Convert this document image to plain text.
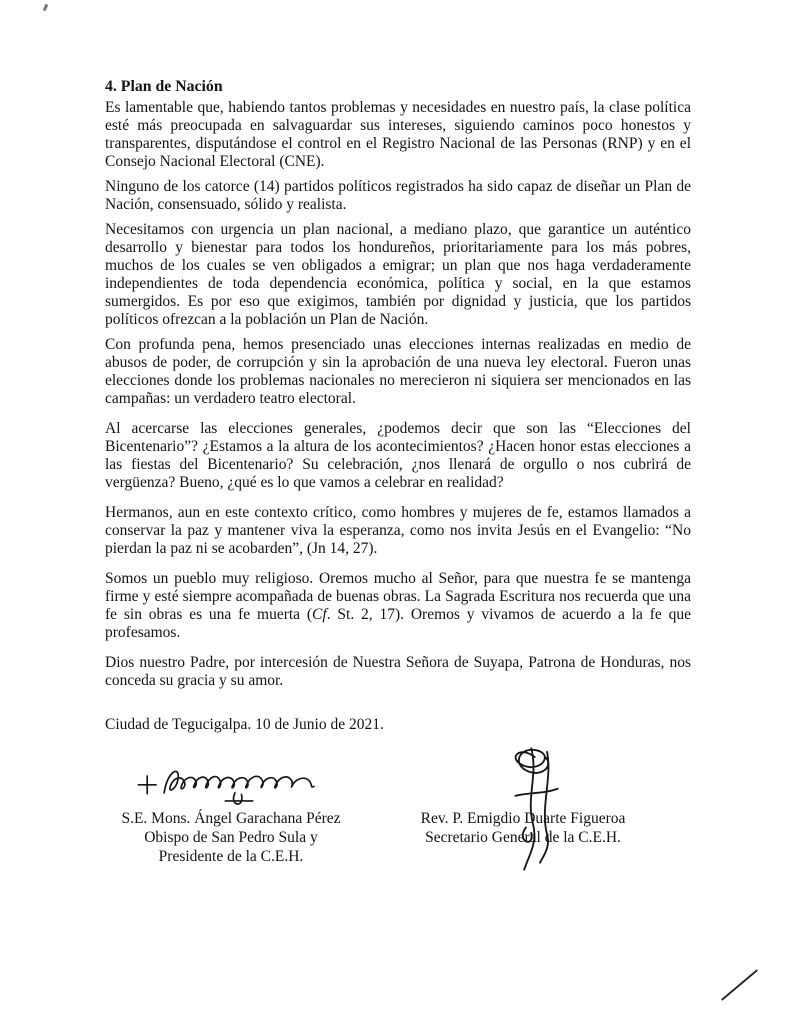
4. Plan de Nación

Es lamentable que, habiendo tantos problemas y necesidades en nuestro país, la clase política esté más preocupada en salvaguardar sus intereses, siguiendo caminos poco honestos y transparentes, disputándose el control en el Registro Nacional de las Personas (RNP) y en el Consejo Nacional Electoral (CNE).

Ninguno de los catorce (14) partidos políticos registrados ha sido capaz de diseñar un Plan de Nación, consensuado, sólido y realista.

Necesitamos con urgencia un plan nacional, a mediano plazo, que garantice un auténtico desarrollo y bienestar para todos los hondureños, prioritariamente para los más pobres, muchos de los cuales se ven obligados a emigrar; un plan que nos haga verdaderamente independientes de toda dependencia económica, política y social, en la que estamos sumergidos. Es por eso que exigimos, también por dignidad y justicia, que los partidos políticos ofrezcan a la población un Plan de Nación.

Con profunda pena, hemos presenciado unas elecciones internas realizadas en medio de abusos de poder, de corrupción y sin la aprobación de una nueva ley electoral. Fueron unas elecciones donde los problemas nacionales no merecieron ni siquiera ser mencionados en las campañas: un verdadero teatro electoral.

Al acercarse las elecciones generales, ¿podemos decir que son las “Elecciones del Bicentenario”? ¿Estamos a la altura de los acontecimientos? ¿Hacen honor estas elecciones a las fiestas del Bicentenario? Su celebración, ¿nos llenará de orgullo o nos cubrirá de vergüenza? Bueno, ¿qué es lo que vamos a celebrar en realidad?

Hermanos, aun en este contexto crítico, como hombres y mujeres de fe, estamos llamados a conservar la paz y mantener viva la esperanza, como nos invita Jesús en el Evangelio: “No pierdan la paz ni se acobarden”, (Jn 14, 27).

Somos un pueblo muy religioso. Oremos mucho al Señor, para que nuestra fe se mantenga firme y esté siempre acompañada de buenas obras. La Sagrada Escritura nos recuerda que una fe sin obras es una fe muerta (Cf. St. 2, 17). Oremos y vivamos de acuerdo a la fe que profesamos.

Dios nuestro Padre, por intercesión de Nuestra Señora de Suyapa, Patrona de Honduras, nos conceda su gracia y su amor.

Ciudad de Tegucigalpa. 10 de Junio de 2021.
S.E. Mons. Ángel Garachana Pérez
Obispo de San Pedro Sula y
Presidente de la C.E.H.
Rev. P. Emigdio Duarte Figueroa
Secretario General de la C.E.H.
